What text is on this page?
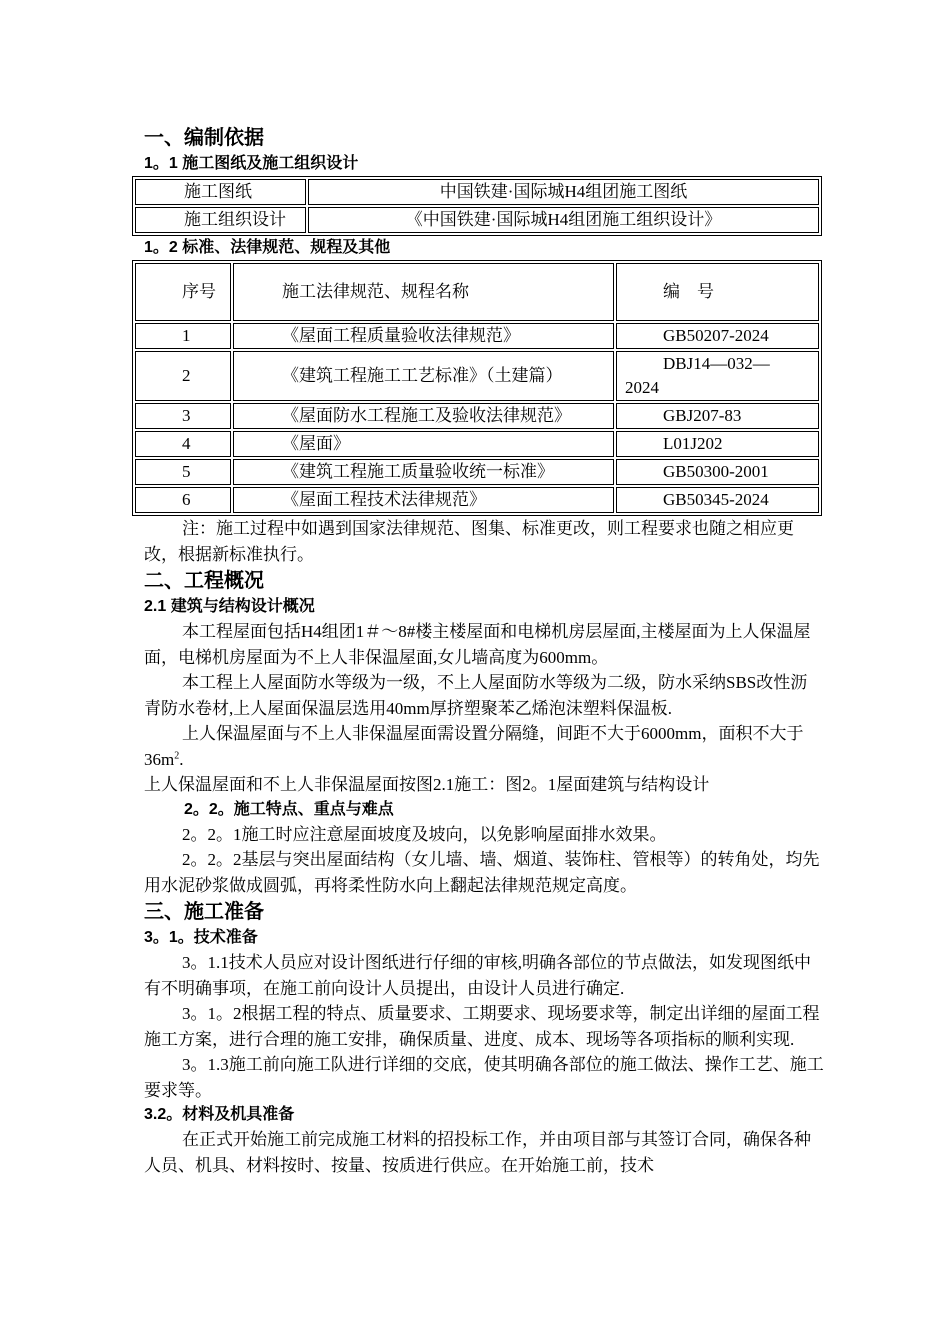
一、编制依据
1。1 施工图纸及施工组织设计
施工图纸	中国铁建·国际城H4组团施工图纸
施工组织设计	《中国铁建·国际城H4组团施工组织设计》
1。2 标准、法律规范、规程及其他
序号	施工法律规范、规程名称	编　号
1	《屋面工程质量验收法律规范》	GB50207-2024
2	《建筑工程施工工艺标准》（土建篇）	DBJ14—032—
2024

3	《屋面防水工程施工及验收法律规范》	GBJ207-83
4	《屋面》	L01J202
5	《建筑工程施工质量验收统一标准》	GB50300-2001
6	《屋面工程技术法律规范》	GB50345-2024

注：施工过程中如遇到国家法律规范、图集、标准更改，则工程要求也随之相应更改，根据新标准执行。

二、工程概况
2.1 建筑与结构设计概况

本工程屋面包括H4组团1＃～8#楼主楼屋面和电梯机房层屋面,主楼屋面为上人保温屋面，电梯机房屋面为不上人非保温屋面,女儿墙高度为600mm。

本工程上人屋面防水等级为一级，不上人屋面防水等级为二级，防水采纳SBS改性沥青防水卷材,上人屋面保温层选用40mm厚挤塑聚苯乙烯泡沫塑料保温板.

上人保温屋面与不上人非保温屋面需设置分隔缝，间距不大于6000mm，面积不大于$36m^2$.

上人保温屋面和不上人非保温屋面按图2.1施工：图2。1屋面建筑与结构设计

2。2。施工特点、重点与难点

2。2。1施工时应注意屋面坡度及坡向，以免影响屋面排水效果。

2。2。2基层与突出屋面结构（女儿墙、墙、烟道、装饰柱、管根等）的转角处，均先用水泥砂浆做成圆弧，再将柔性防水向上翻起法律规范规定高度。

三、施工准备
3。1。技术准备

3。1.1技术人员应对设计图纸进行仔细的审核,明确各部位的节点做法，如发现图纸中有不明确事项，在施工前向设计人员提出，由设计人员进行确定.

3。1。2根据工程的特点、质量要求、工期要求、现场要求等，制定出详细的屋面工程施工方案，进行合理的施工安排，确保质量、进度、成本、现场等各项指标的顺利实现.

3。1.3施工前向施工队进行详细的交底，使其明确各部位的施工做法、操作工艺、施工要求等。

3.2。材料及机具准备

在正式开始施工前完成施工材料的招投标工作，并由项目部与其签订合同，确保各种人员、机具、材料按时、按量、按质进行供应。在开始施工前，技术
